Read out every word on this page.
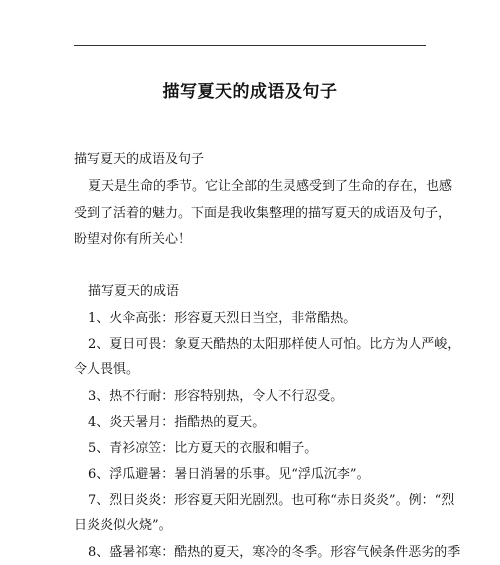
描写夏天的成语及句子
描写夏天的成语及句子
夏天是生命的季节。它让全部的生灵感受到了生命的存在，也感
受到了活着的魅力。下面是我收集整理的描写夏天的成语及句子，
盼望对你有所关心！
描写夏天的成语
1、火伞高张：形容夏天烈日当空，非常酷热。
2、夏日可畏：象夏天酷热的太阳那样使人可怕。比方为人严峻，
令人畏惧。
3、热不行耐：形容特别热，令人不行忍受。
4、炎天暑月：指酷热的夏天。
5、青衫凉笠：比方夏天的衣服和帽子。
6、浮瓜避暑：暑日消暑的乐事。见“浮瓜沉李”。
7、烈日炎炎：形容夏天阳光剧烈。也可称“赤日炎炎”。例：“烈
日炎炎似火烧”。
8、盛暑祁寒：酷热的夏天，寒冷的冬季。形容气候条件恶劣的季
